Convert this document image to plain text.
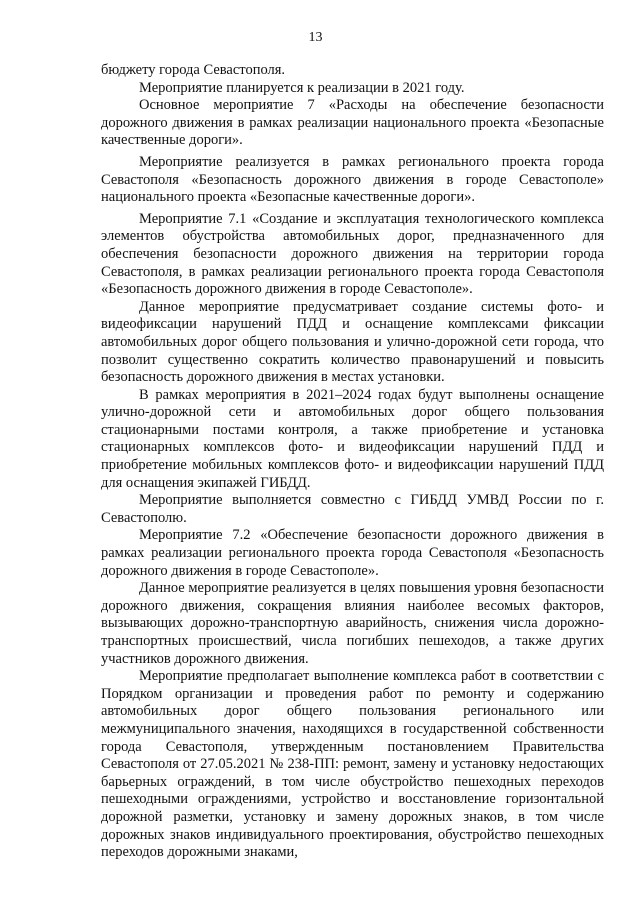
13

бюджету города Севастополя.

Мероприятие планируется к реализации в 2021 году.

Основное мероприятие 7 «Расходы на обеспечение безопасности дорожного движения в рамках реализации национального проекта «Безопасные качественные дороги».

Мероприятие реализуется в рамках регионального проекта города Севастополя «Безопасность дорожного движения в городе Севастополе» национального проекта «Безопасные качественные дороги».

Мероприятие 7.1 «Создание и эксплуатация технологического комплекса элементов обустройства автомобильных дорог, предназначенного для обеспечения безопасности дорожного движения на территории города Севастополя, в рамках реализации регионального проекта города Севастополя «Безопасность дорожного движения в городе Севастополе».

Данное мероприятие предусматривает создание системы фото- и видеофиксации нарушений ПДД и оснащение комплексами фиксации автомобильных дорог общего пользования и улично-дорожной сети города, что позволит существенно сократить количество правонарушений и повысить безопасность дорожного движения в местах установки.

В рамках мероприятия в 2021–2024 годах будут выполнены оснащение улично-дорожной сети и автомобильных дорог общего пользования стационарными постами контроля, а также приобретение и установка стационарных комплексов фото- и видеофиксации нарушений ПДД и приобретение мобильных комплексов фото- и видеофиксации нарушений ПДД для оснащения экипажей ГИБДД.

Мероприятие выполняется совместно с ГИБДД УМВД России по г. Севастополю.

Мероприятие 7.2 «Обеспечение безопасности дорожного движения в рамках реализации регионального проекта города Севастополя «Безопасность дорожного движения в городе Севастополе».

Данное мероприятие реализуется в целях повышения уровня безопасности дорожного движения, сокращения влияния наиболее весомых факторов, вызывающих дорожно-транспортную аварийность, снижения числа дорожно-транспортных происшествий, числа погибших пешеходов, а также других участников дорожного движения.

Мероприятие предполагает выполнение комплекса работ в соответствии с Порядком организации и проведения работ по ремонту и содержанию автомобильных дорог общего пользования регионального или межмуниципального значения, находящихся в государственной собственности города Севастополя, утвержденным постановлением Правительства Севастополя от 27.05.2021 № 238-ПП: ремонт, замену и установку недостающих барьерных ограждений, в том числе обустройство пешеходных переходов пешеходными ограждениями, устройство и восстановление горизонтальной дорожной разметки, установку и замену дорожных знаков, в том числе дорожных знаков индивидуального проектирования, обустройство пешеходных переходов дорожными знаками,
